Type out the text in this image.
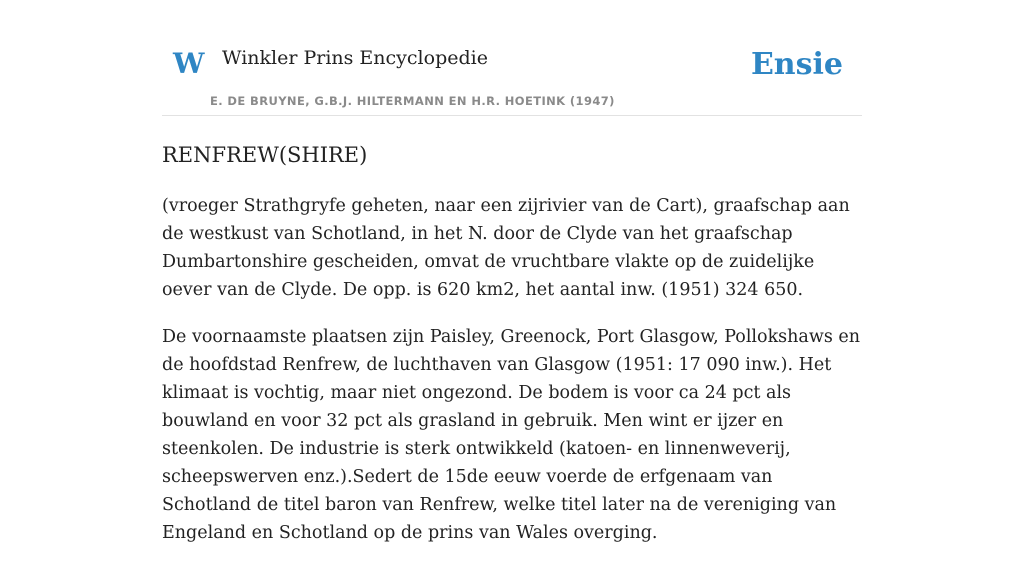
W Winkler Prins Encyclopedie
E. DE BRUYNE, G.B.J. HILTERMANN EN H.R. HOETINK (1947)
Ensie
RENFREW(SHIRE)

(vroeger Strathgryfe geheten, naar een zijrivier van de Cart), graafschap aan de westkust van Schotland, in het N. door de Clyde van het graafschap Dumbartonshire gescheiden, omvat de vruchtbare vlakte op de zuidelijke oever van de Clyde. De opp. is 620 km2, het aantal inw. (1951) 324 650.

De voornaamste plaatsen zijn Paisley, Greenock, Port Glasgow, Pollokshaws en de hoofdstad Renfrew, de luchthaven van Glasgow (1951: 17 090 inw.). Het klimaat is vochtig, maar niet ongezond. De bodem is voor ca 24 pct als bouwland en voor 32 pct als grasland in gebruik. Men wint er ijzer en steenkolen. De industrie is sterk ontwikkeld (katoen- en linnenweverij, scheepswerven enz.).Sedert de 15de eeuw voerde de erfgenaam van Schotland de titel baron van Renfrew, welke titel later na de vereniging van Engeland en Schotland op de prins van Wales overging.
